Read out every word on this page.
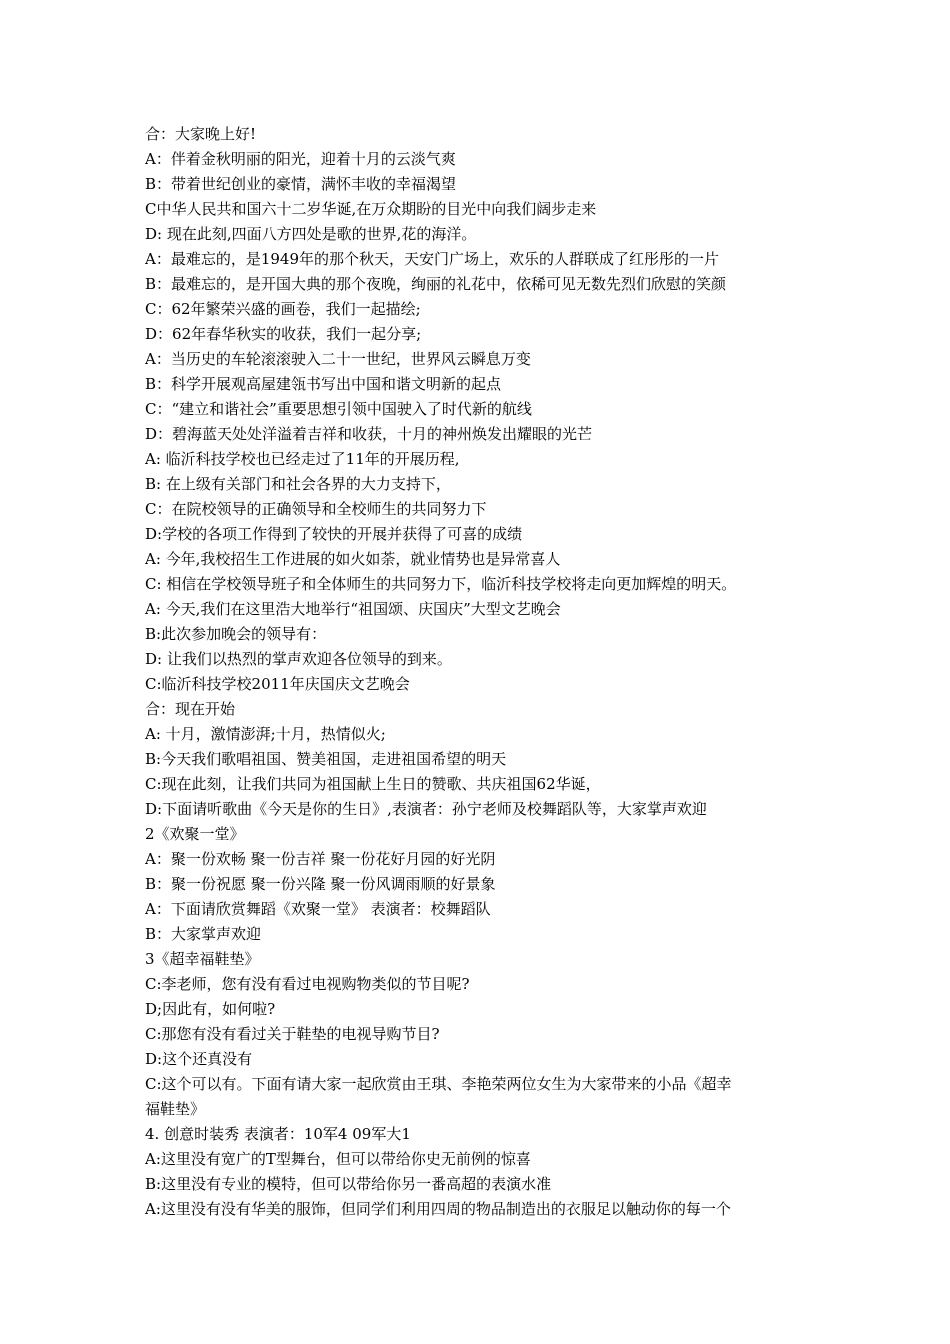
合：大家晚上好!
A：伴着金秋明丽的阳光，迎着十月的云淡气爽
B：带着世纪创业的豪情，满怀丰收的幸福渴望
C中华人民共和国六十二岁华诞,在万众期盼的目光中向我们阔步走来
D: 现在此刻,四面八方四处是歌的世界,花的海洋。
A：最难忘的，是1949年的那个秋天，天安门广场上，欢乐的人群联成了红彤彤的一片
B：最难忘的，是开国大典的那个夜晚，绚丽的礼花中，依稀可见无数先烈们欣慰的笑颜
C：62年繁荣兴盛的画卷，我们一起描绘;
D：62年春华秋实的收获，我们一起分享;
A：当历史的车轮滚滚驶入二十一世纪，世界风云瞬息万变
B：科学开展观高屋建瓴书写出中国和谐文明新的起点
C：“建立和谐社会”重要思想引领中国驶入了时代新的航线
D：碧海蓝天处处洋溢着吉祥和收获，十月的神州焕发出耀眼的光芒
A: 临沂科技学校也已经走过了11年的开展历程,
B: 在上级有关部门和社会各界的大力支持下，
C：在院校领导的正确领导和全校师生的共同努力下
D:学校的各项工作得到了较快的开展并获得了可喜的成绩
A: 今年,我校招生工作进展的如火如荼，就业情势也是异常喜人
C: 相信在学校领导班子和全体师生的共同努力下，临沂科技学校将走向更加辉煌的明天。
A: 今天,我们在这里浩大地举行“祖国颂、庆国庆”大型文艺晚会
B:此次参加晚会的领导有：
D: 让我们以热烈的掌声欢迎各位领导的到来。
C:临沂科技学校2011年庆国庆文艺晚会
合：现在开始
A: 十月，激情澎湃;十月，热情似火;
B:今天我们歌唱祖国、赞美祖国，走进祖国希望的明天
C:现在此刻，让我们共同为祖国献上生日的赞歌、共庆祖国62华诞，
D:下面请听歌曲《今天是你的生日》,表演者：孙宁老师及校舞蹈队等，大家掌声欢迎
2《欢聚一堂》
A：聚一份欢畅 聚一份吉祥 聚一份花好月园的好光阴
B：聚一份祝愿 聚一份兴隆 聚一份风调雨顺的好景象
A：下面请欣赏舞蹈《欢聚一堂》 表演者：校舞蹈队
B：大家掌声欢迎
3《超幸福鞋垫》
C:李老师，您有没有看过电视购物类似的节目呢?
D;因此有，如何啦?
C:那您有没有看过关于鞋垫的电视导购节目?
D:这个还真没有
C:这个可以有。下面有请大家一起欣赏由王琪、李艳荣两位女生为大家带来的小品《超幸
福鞋垫》
4. 创意时装秀 表演者：10军4 09军大1
A:这里没有宽广的T型舞台，但可以带给你史无前例的惊喜
B:这里没有专业的模特，但可以带给你另一番高超的表演水准
A:这里没有没有华美的服饰，但同学们利用四周的物品制造出的衣服足以触动你的每一个
